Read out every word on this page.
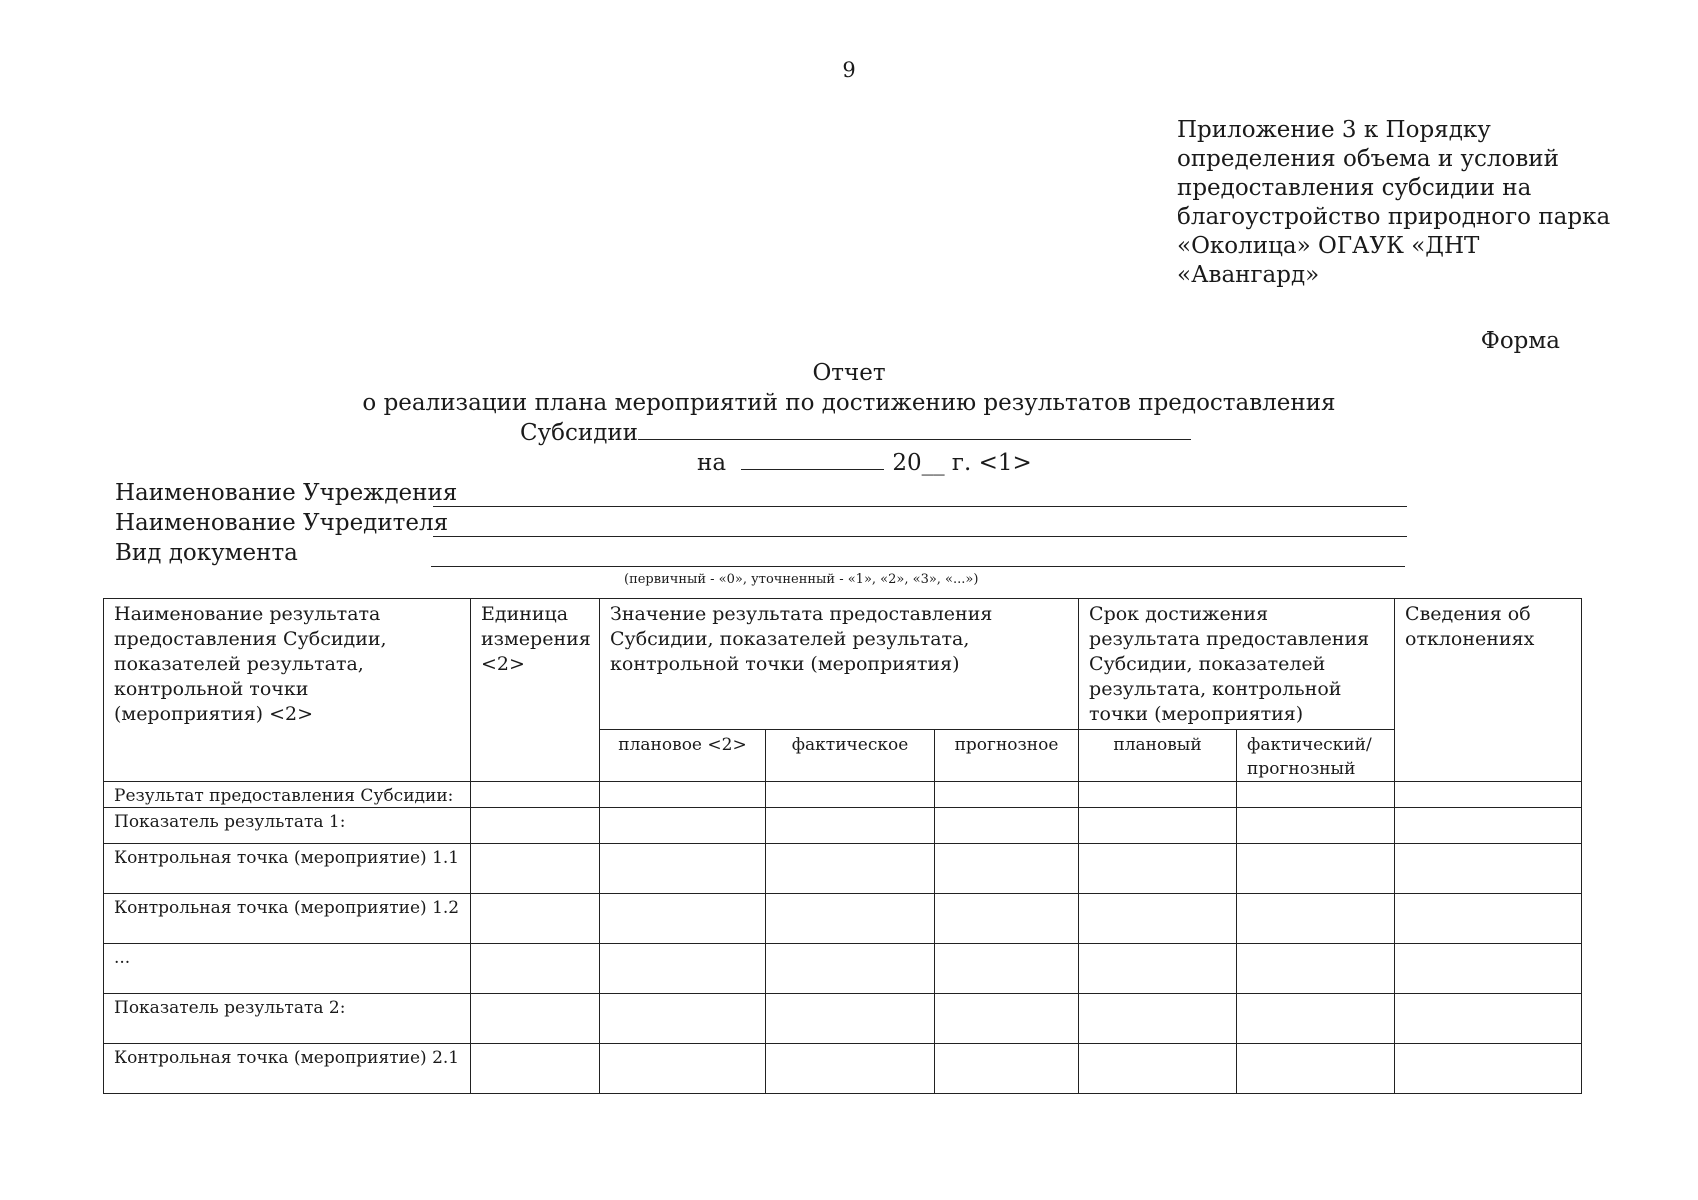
9
Приложение 3 к Порядку
определения объема и условий
предоставления субсидии на
благоустройство природного парка
«Околица» ОГАУК «ДНТ
«Авангард»
Форма
Отчет
о реализации плана мероприятий по достижению результатов предоставления
Субсидии
на	20__ г. <1>
Наименование Учреждения
Наименование Учредителя
Вид документа
(первичный - «0», уточненный - «1», «2», «3», «...»)
Наименование результата предоставления Субсидии, показателей результата, контрольной точки (мероприятия) <2>	Единица измерения <2>	Значение результата предоставления Субсидии, показателей результата, контрольной точки (мероприятия)			Срок достижения результата предоставления Субсидии, показателей результата, контрольной точки (мероприятия)		Сведения об отклонениях
		плановое <2>	фактическое	прогнозное	плановый	фактический/ прогнозный	
Результат предоставления Субсидии:							
Показатель результата 1:							
Контрольная точка (мероприятие) 1.1							
Контрольная точка (мероприятие) 1.2							
...							
Показатель результата 2:							
Контрольная точка (мероприятие) 2.1							
